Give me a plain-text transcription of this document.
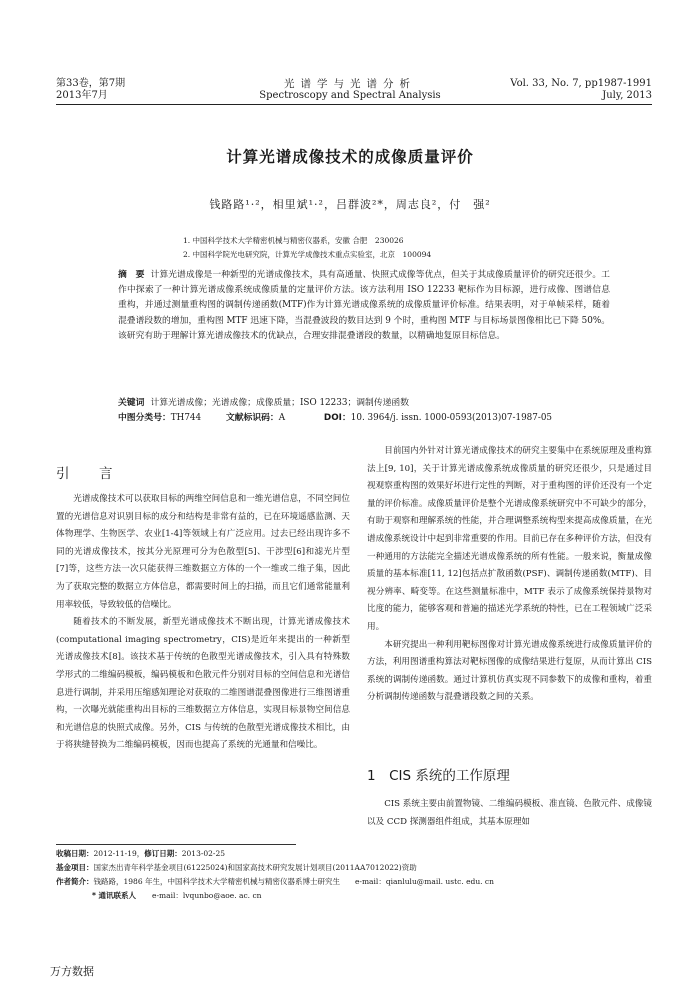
第33卷，第7期
2013年7月
光谱学与光谱分析
Spectroscopy and Spectral Analysis
Vol. 33, No. 7, pp1987-1991
July, 2013
计算光谱成像技术的成像质量评价
钱路路¹·²，相里斌¹·²，吕群波²*，周志良²，付　强²
1. 中国科学技术大学精密机械与精密仪器系，安徽 合肥　230026
2. 中国科学院光电研究院，计算光学成像技术重点实验室，北京　100094
摘　要 计算光谱成像是一种新型的光谱成像技术，具有高通量、快照式成像等优点，但关于其成像质量评价的研究还很少。工作中探索了一种计算光谱成像系统成像质量的定量评价方法。该方法利用 ISO 12233 靶标作为目标源，进行成像、图谱信息重构，并通过测量重构图的调制传递函数(MTF)作为计算光谱成像系统的成像质量评价标准。结果表明，对于单帧采样，随着混叠谱段数的增加，重构图 MTF 迅速下降，当混叠波段的数目达到 9 个时，重构图 MTF 与目标场景图像相比已下降 50%。该研究有助于理解计算光谱成像技术的优缺点，合理安排混叠谱段的数量，以精确地复原目标信息。
关键词 计算光谱成像；光谱成像；成像质量；ISO 12233；调制传递函数
中图分类号：TH744	文献标识码：A	DOI：10. 3964/j. issn. 1000-0593(2013)07-1987-05
引　言

光谱成像技术可以获取目标的两维空间信息和一维光谱信息，不同空间位置的光谱信息对识别目标的成分和结构是非常有益的，已在环境遥感监测、天体物理学、生物医学、农业[1-4]等领域上有广泛应用。过去已经出现许多不同的光谱成像技术，按其分光原理可分为色散型[5]、干涉型[6]和滤光片型[7]等，这些方法一次只能获得三维数据立方体的一个一维或二维子集，因此为了获取完整的数据立方体信息，都需要时间上的扫描，而且它们通常能量利用率较低，导致较低的信噪比。

随着技术的不断发展，新型光谱成像技术不断出现，计算光谱成像技术(computational imaging spectrometry，CIS)是近年来提出的一种新型光谱成像技术[8]。该技术基于传统的色散型光谱成像技术，引入具有特殊数学形式的二维编码模板，编码模板和色散元件分别对目标的空间信息和光谱信息进行调制，并采用压缩感知理论对获取的二维图谱混叠图像进行三维图谱重构，一次曝光就能重构出目标的三维数据立方体信息，实现目标景物空间信息和光谱信息的快照式成像。另外，CIS 与传统的色散型光谱成像技术相比，由于将狭缝替换为二维编码模板，因而也提高了系统的光通量和信噪比。

目前国内外针对计算光谱成像技术的研究主要集中在系统原理及重构算法上[9, 10]，关于计算光谱成像系统成像质量的研究还很少，只是通过目视观察重构图的效果好坏进行定性的判断，对于重构图的评价还没有一个定量的评价标准。成像质量评价是整个光谱成像系统研究中不可缺少的部分，有助于观察和理解系统的性能，并合理调整系统构型来提高成像质量，在光谱成像系统设计中起到非常重要的作用。目前已存在多种评价方法，但没有一种通用的方法能完全描述光谱成像系统的所有性能。一般来说，衡量成像质量的基本标准[11, 12]包括点扩散函数(PSF)、调制传递函数(MTF)、目视分辨率、畸变等。在这些测量标准中，MTF 表示了成像系统保持景物对比度的能力，能够客观和普遍的描述光学系统的特性，已在工程领域广泛采用。

本研究提出一种利用靶标图像对计算光谱成像系统进行成像质量评价的方法，利用图谱重构算法对靶标图像的成像结果进行复原，从而计算出 CIS 系统的调制传递函数。通过计算机仿真实现不同参数下的成像和重构，着重分析调制传递函数与混叠谱段数之间的关系。

1　CIS 系统的工作原理

CIS 系统主要由前置物镜、二维编码模板、准直镜、色散元件、成像镜以及 CCD 探测器组件组成，其基本原理如

收稿日期：2012-11-19，修订日期：2013-02-25
基金项目：国家杰出青年科学基金项目(61225024)和国家高技术研究发展计划项目(2011AA7012022)资助
作者简介：钱路路，1986 年生，中国科学技术大学精密机械与精密仪器系博士研究生　　e-mail：qianlulu@mail. ustc. edu. cn
* 通讯联系人 e-mail：lvqunbo@aoe. ac. cn
万方数据
